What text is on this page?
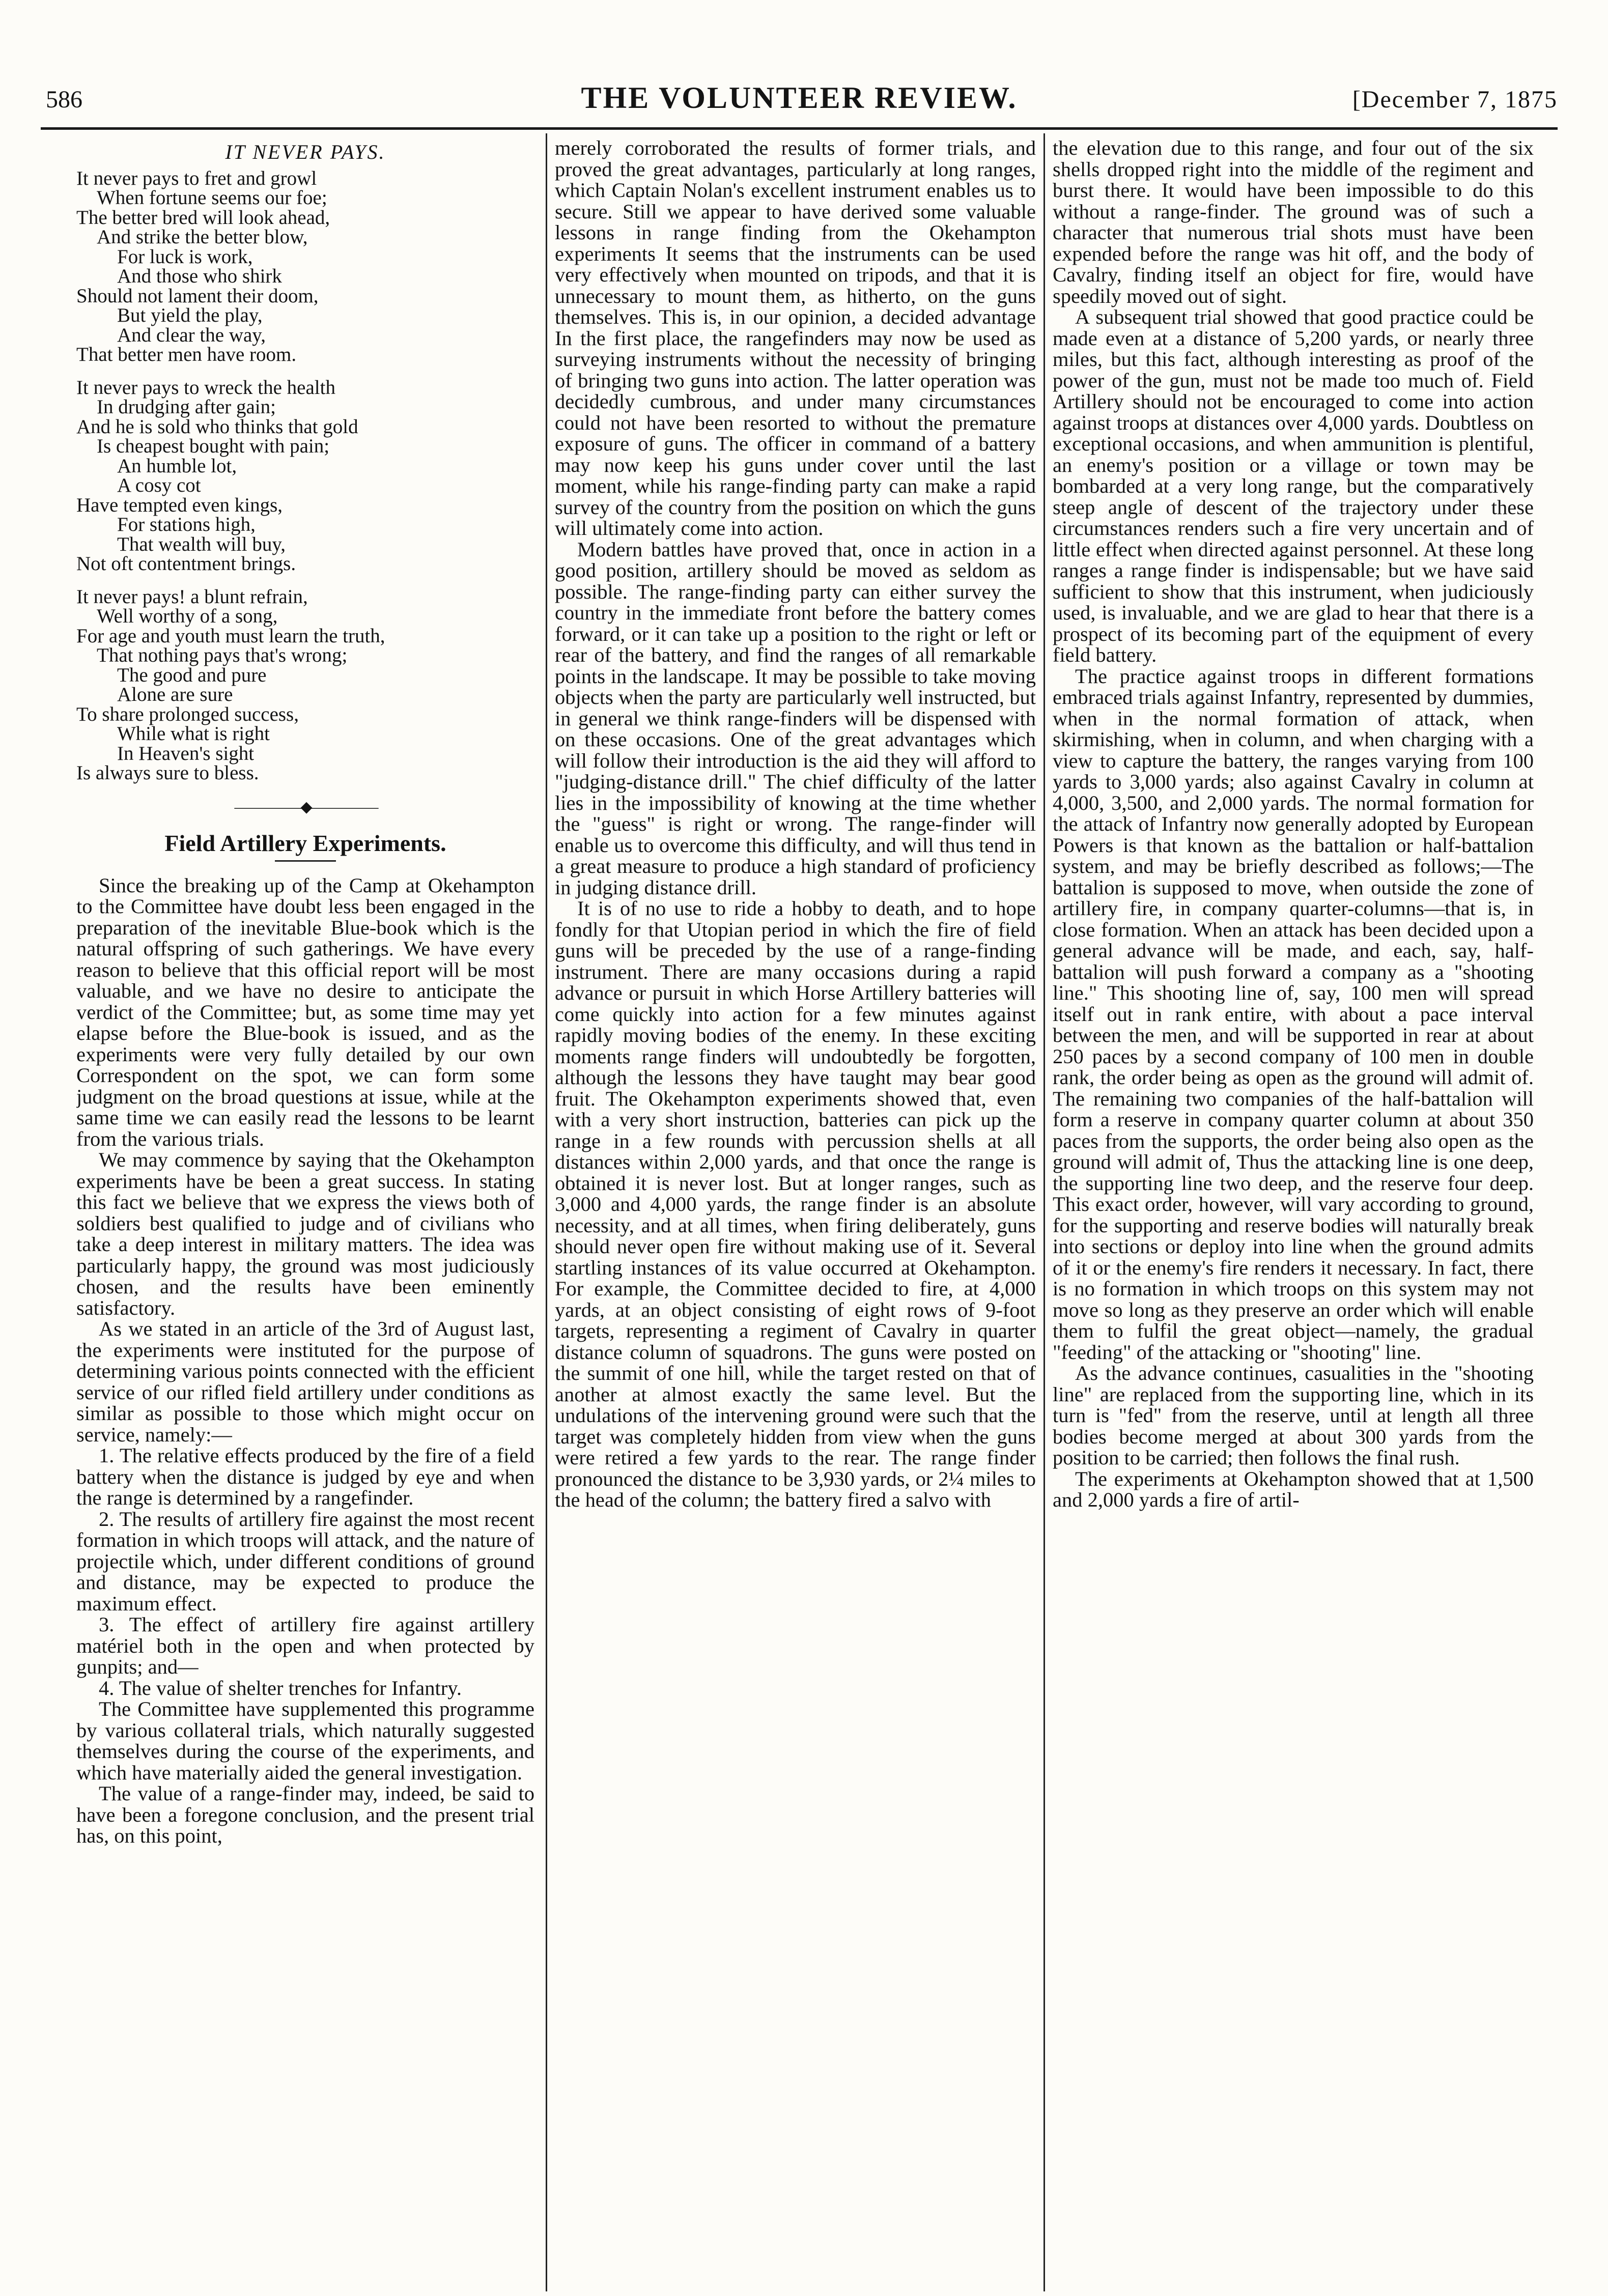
586	THE VOLUNTEER REVIEW.	[December 7, 1875
IT NEVER PAYS.
It never pays to fret and growl
When fortune seems our foe;
The better bred will look ahead,
And strike the better blow,
For luck is work,
And those who shirk
Should not lament their doom,
But yield the play,
And clear the way,
That better men have room.
It never pays to wreck the health
In drudging after gain;
And he is sold who thinks that gold
Is cheapest bought with pain;
An humble lot,
A cosy cot
Have tempted even kings,
For stations high,
That wealth will buy,
Not oft contentment brings.
It never pays! a blunt refrain,
Well worthy of a song,
For age and youth must learn the truth,
That nothing pays that's wrong;
The good and pure
Alone are sure
To share prolonged success,
While what is right
In Heaven's sight
Is always sure to bless.
—————◆—————
Field Artillery Experiments.

Since the breaking up of the Camp at Okehampton to the Committee have doubt less been engaged in the preparation of the inevitable Blue-book which is the natural offspring of such gatherings. We have every reason to believe that this official report will be most valuable, and we have no desire to anticipate the verdict of the Committee; but, as some time may yet elapse before the Blue-book is issued, and as the experiments were very fully detailed by our own Correspondent on the spot, we can form some judgment on the broad questions at issue, while at the same time we can easily read the lessons to be learnt from the various trials.

We may commence by saying that the Okehampton experiments have be been a great success. In stating this fact we believe that we express the views both of soldiers best qualified to judge and of civilians who take a deep interest in military matters. The idea was particularly happy, the ground was most judiciously chosen, and the results have been eminently satisfactory.

As we stated in an article of the 3rd of August last, the experiments were instituted for the purpose of determining various points connected with the efficient service of our rifled field artillery under conditions as similar as possible to those which might occur on service, namely:—

1. The relative effects produced by the fire of a field battery when the distance is judged by eye and when the range is determined by a rangefinder.

2. The results of artillery fire against the most recent formation in which troops will attack, and the nature of projectile which, under different conditions of ground and distance, may be expected to produce the maximum effect.

3. The effect of artillery fire against artillery matériel both in the open and when protected by gunpits; and—

4. The value of shelter trenches for Infantry.

The Committee have supplemented this programme by various collateral trials, which naturally suggested themselves during the course of the experiments, and which have materially aided the general investigation.

The value of a range-finder may, indeed, be said to have been a foregone conclusion, and the present trial has, on this point,

merely corroborated the results of former trials, and proved the great advantages, particularly at long ranges, which Captain Nolan's excellent instrument enables us to secure. Still we appear to have derived some valuable lessons in range finding from the Okehampton experiments It seems that the instruments can be used very effectively when mounted on tripods, and that it is unnecessary to mount them, as hitherto, on the guns themselves. This is, in our opinion, a decided advantage In the first place, the rangefinders may now be used as surveying instruments without the necessity of bringing of bringing two guns into action. The latter operation was decidedly cumbrous, and under many circumstances could not have been resorted to without the premature exposure of guns. The officer in command of a battery may now keep his guns under cover until the last moment, while his range-finding party can make a rapid survey of the country from the position on which the guns will ultimately come into action.

Modern battles have proved that, once in action in a good position, artillery should be moved as seldom as possible. The range-finding party can either survey the country in the immediate front before the battery comes forward, or it can take up a position to the right or left or rear of the battery, and find the ranges of all remarkable points in the landscape. It may be possible to take moving objects when the party are particularly well instructed, but in general we think range-finders will be dispensed with on these occasions. One of the great advantages which will follow their introduction is the aid they will afford to "judging-distance drill." The chief difficulty of the latter lies in the impossibility of knowing at the time whether the "guess" is right or wrong. The range-finder will enable us to overcome this difficulty, and will thus tend in a great measure to produce a high standard of proficiency in judging distance drill.

It is of no use to ride a hobby to death, and to hope fondly for that Utopian period in which the fire of field guns will be preceded by the use of a range-finding instrument. There are many occasions during a rapid advance or pursuit in which Horse Artillery batteries will come quickly into action for a few minutes against rapidly moving bodies of the enemy. In these exciting moments range finders will undoubtedly be forgotten, although the lessons they have taught may bear good fruit. The Okehampton experiments showed that, even with a very short instruction, batteries can pick up the range in a few rounds with percussion shells at all distances within 2,000 yards, and that once the range is obtained it is never lost. But at longer ranges, such as 3,000 and 4,000 yards, the range finder is an absolute necessity, and at all times, when firing deliberately, guns should never open fire without making use of it. Several startling instances of its value occurred at Okehampton. For example, the Committee decided to fire, at 4,000 yards, at an object consisting of eight rows of 9-foot targets, representing a regiment of Cavalry in quarter distance column of squadrons. The guns were posted on the summit of one hill, while the target rested on that of another at almost exactly the same level. But the undulations of the intervening ground were such that the target was completely hidden from view when the guns were retired a few yards to the rear. The range finder pronounced the distance to be 3,930 yards, or 2¼ miles to the head of the column; the battery fired a salvo with

the elevation due to this range, and four out of the six shells dropped right into the middle of the regiment and burst there. It would have been impossible to do this without a range-finder. The ground was of such a character that numerous trial shots must have been expended before the range was hit off, and the body of Cavalry, finding itself an object for fire, would have speedily moved out of sight.

A subsequent trial showed that good practice could be made even at a distance of 5,200 yards, or nearly three miles, but this fact, although interesting as proof of the power of the gun, must not be made too much of. Field Artillery should not be encouraged to come into action against troops at distances over 4,000 yards. Doubtless on exceptional occasions, and when ammunition is plentiful, an enemy's position or a village or town may be bombarded at a very long range, but the comparatively steep angle of descent of the trajectory under these circumstances renders such a fire very uncertain and of little effect when directed against personnel. At these long ranges a range finder is indispensable; but we have said sufficient to show that this instrument, when judiciously used, is invaluable, and we are glad to hear that there is a prospect of its becoming part of the equipment of every field battery.

The practice against troops in different formations embraced trials against Infantry, represented by dummies, when in the normal formation of attack, when skirmishing, when in column, and when charging with a view to capture the battery, the ranges varying from 100 yards to 3,000 yards; also against Cavalry in column at 4,000, 3,500, and 2,000 yards. The normal formation for the attack of Infantry now generally adopted by European Powers is that known as the battalion or half-battalion system, and may be briefly described as follows;—The battalion is supposed to move, when outside the zone of artillery fire, in company quarter-columns—that is, in close formation. When an attack has been decided upon a general advance will be made, and each, say, half-battalion will push forward a company as a "shooting line." This shooting line of, say, 100 men will spread itself out in rank entire, with about a pace interval between the men, and will be supported in rear at about 250 paces by a second company of 100 men in double rank, the order being as open as the ground will admit of. The remaining two companies of the half-battalion will form a reserve in company quarter column at about 350 paces from the supports, the order being also open as the ground will admit of, Thus the attacking line is one deep, the supporting line two deep, and the reserve four deep. This exact order, however, will vary according to ground, for the supporting and reserve bodies will naturally break into sections or deploy into line when the ground admits of it or the enemy's fire renders it necessary. In fact, there is no formation in which troops on this system may not move so long as they preserve an order which will enable them to fulfil the great object—namely, the gradual "feeding" of the attacking or "shooting" line.

As the advance continues, casualities in the "shooting line" are replaced from the supporting line, which in its turn is "fed" from the reserve, until at length all three bodies become merged at about 300 yards from the position to be carried; then follows the final rush.

The experiments at Okehampton showed that at 1,500 and 2,000 yards a fire of artil-
